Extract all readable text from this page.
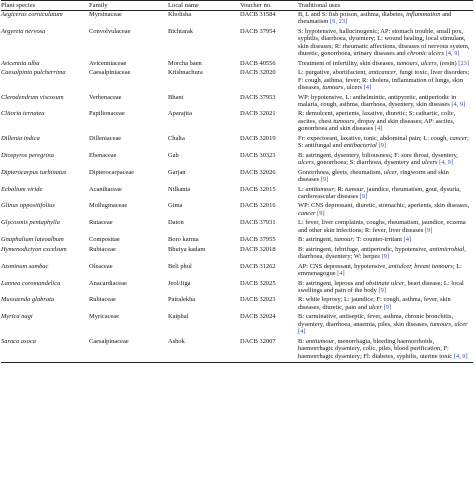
Plant species	Family	Local name	Voucher no.	Traditional uses
Aegiceras corniculatum	Myrsinaceae	Kholisha	DACB 31584	B, L and S: fish poison, asthma, diabetes, inflammation and rheumatism [9, 23]
Argyreia nervosa	Convolvulaceae	Bichtarak	DACB 37954	S: hypotensive, hallucinogenic; AP: stomach trouble, small pox, syphilis, diarrhoea, dysentery; L: wound healing, local stimulant, skin diseases; R: rheumatic affections, diseases of nervous system, diuretic, gonorrhoea, urinary diseases and chronic ulcers [4, 9]
Avicennia alba	Avicenniaceae	Morcha baen	DACB 40556	Treatment of infertility, skin diseases, tumours, ulcers, (resin) [23]
Caesalpinia pulcherrima	Caesalpiniaceae	Krishnachura	DACB 32020	L: purgative, abortifacient, anticancer, fungi toxic, liver disorders; F: cough, asthma, fever; R: cholera, inflammation of lungs, skin diseases, tumours, ulcers [4]
Clerodendrum viscosum	Verbenaceae	Bhant	DACB 37953	WP: hypotensive, L: anthelmintic, antipyretic, antiperiodic in malaria, cough, asthma, diarrhoea, dysentery, skin diseases [4, 9]
Clitoria ternatea	Papilionaceae	Aparajita	DACB 32021	R: demulcent, aperients, laxative, diuretic; S: cathartic, colic, ascites, chest tumours, dropsy and skin diseases; AP: ascites, gonorrhoea and skin diseases [4]
Dillenia indica	Dilleniaceae	Chalta	DACB 32019	Fr: expectorant, laxative, tonic, abdominal pain; L: cough, cancer; S: antifungal and antibacterial [9]
Diospyros peregrina	Ebenaceae	Gab	DACB 30323	B: astringent, dysentery, biliousness; F: sore throat, dysentery, ulcers, gonorrhoea; S: diarrhoea, dysentery and ulcers [4, 9]
Dipterocarpus turbinatus	Dipterocarpaceae	Garjan	DACB 32026	Gonorrhoea, gleets, rheumatism, ulcer, ringworm and skin diseases [9]
Ecbolium viride	Acanthaceae	Nilkanta	DACB 32015	L: antitumour; R: tumour, jaundice, rheumatism, gout, dysuria, cardiovascular diseases [9]
Glinus oppositifolius	Molluginaceae	Gima	DACB 32016	WP: CNS depressant, diuretic, stomachic, aperients, skin diseases, cancer [9]
Glycosmis pentaphylla	Rutaceae	Daton	DACB 37931	L: fever, liver complaints, coughs, rheumatism, jaundice, eczema and other skin infections; R: fever, liver diseases [9]
Gnaphalium luteoalbum	Compositae	Boro karma	DACB 37955	B: astringent, tumour; T: counter-irritant [4]
Hymenodictyon excelsum	Rubiaceae	Bhuiya kadam	DACB 32018	B: astringent, febrifuge, antiperiodic, hypotensive, antimicrobial, diarrhoea, dysentery; W: herpes [9]
Jasminum sambac	Oleaceae	Beli phul	DACB 31262	AP: CNS depressant, hypotensive, antiulcer, breast tumours; L: emmenagogue [4]
Lannea coromandelica	Anacardiaceae	Jeol/Jiga	DACB 32025	B: astringent, leprous and obstinate ulcer, heart disease; L: local swellings and pain of the body [9]
Mussaenda glabrata	Rubiaceae	Patralekha	DACB 32023	R: white leprosy; L: jaundice; F: cough, asthma, fever, skin diseases, diuretic, pain and ulcer [9]
Myrica nagi	Myricaceae	Kaiphal	DACB 32024	B: carminative, antiseptic, fever, asthma, chronic bronchitis, dysentery, diarrhoea, anaemia, piles, skin diseases, tumours, ulcer [4]
Saraca asoca	Caesalpinaceae	Ashok	DACB 32007	B: antitumour, menorrhagia, bleeding haemorrhoids, haemorrhagic dysentery, colic, piles, blood purification, F: haemorrhagic dysentery; Fl: diabetes, syphilis, uterine tonic [4, 9]
